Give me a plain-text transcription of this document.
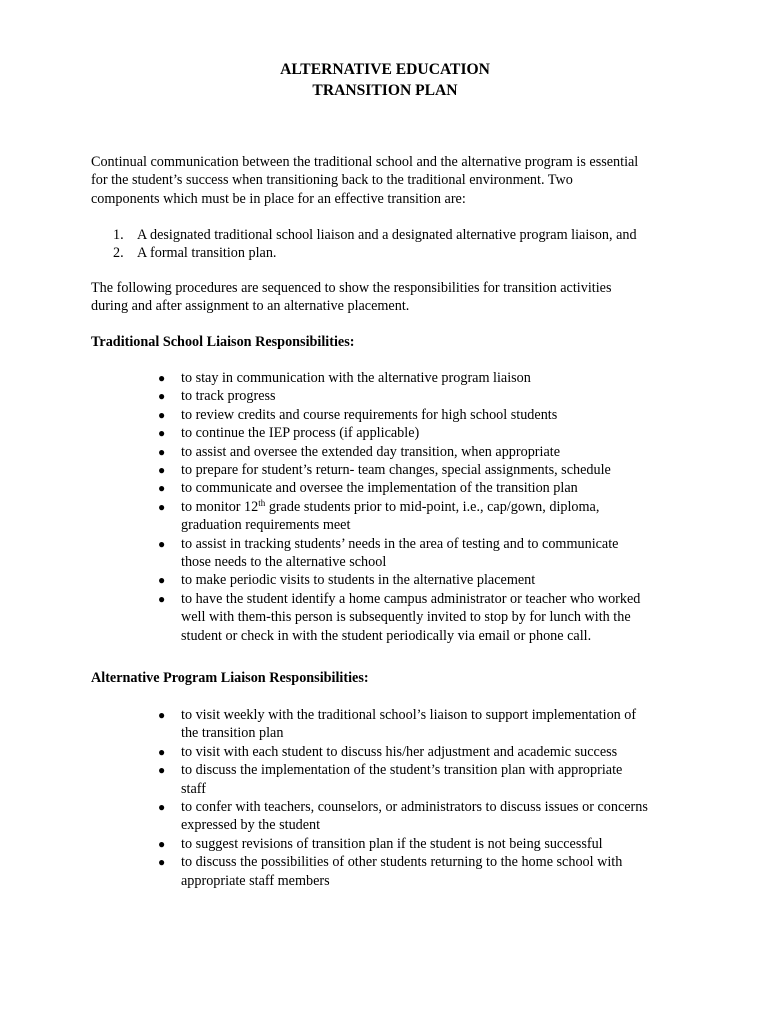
ALTERNATIVE EDUCATION
TRANSITION PLAN

Continual communication between the traditional school and the alternative program is essential

for the student’s success when transitioning back to the traditional environment. Two

components which must be in place for an effective transition are:

1. A designated traditional school liaison and a designated alternative program liaison, and
2. A formal transition plan.

The following procedures are sequenced to show the responsibilities for transition activities

during and after assignment to an alternative placement.

Traditional School Liaison Responsibilities:
● to stay in communication with the alternative program liaison
● to track progress
● to review credits and course requirements for high school students
● to continue the IEP process (if applicable)
● to assist and oversee the extended day transition, when appropriate
● to prepare for student’s return- team changes, special assignments, schedule
● to communicate and oversee the implementation of the transition plan
● to monitor 12th grade students prior to mid-point, i.e., cap/gown, diploma,
graduation requirements meet
● to assist in tracking students’ needs in the area of testing and to communicate
those needs to the alternative school
● to make periodic visits to students in the alternative placement
● to have the student identify a home campus administrator or teacher who worked
well with them-this person is subsequently invited to stop by for lunch with the
student or check in with the student periodically via email or phone call.
Alternative Program Liaison Responsibilities:
● to visit weekly with the traditional school’s liaison to support implementation of
the transition plan
● to visit with each student to discuss his/her adjustment and academic success
● to discuss the implementation of the student’s transition plan with appropriate
staff
● to confer with teachers, counselors, or administrators to discuss issues or concerns
expressed by the student
● to suggest revisions of transition plan if the student is not being successful
● to discuss the possibilities of other students returning to the home school with
appropriate staff members
